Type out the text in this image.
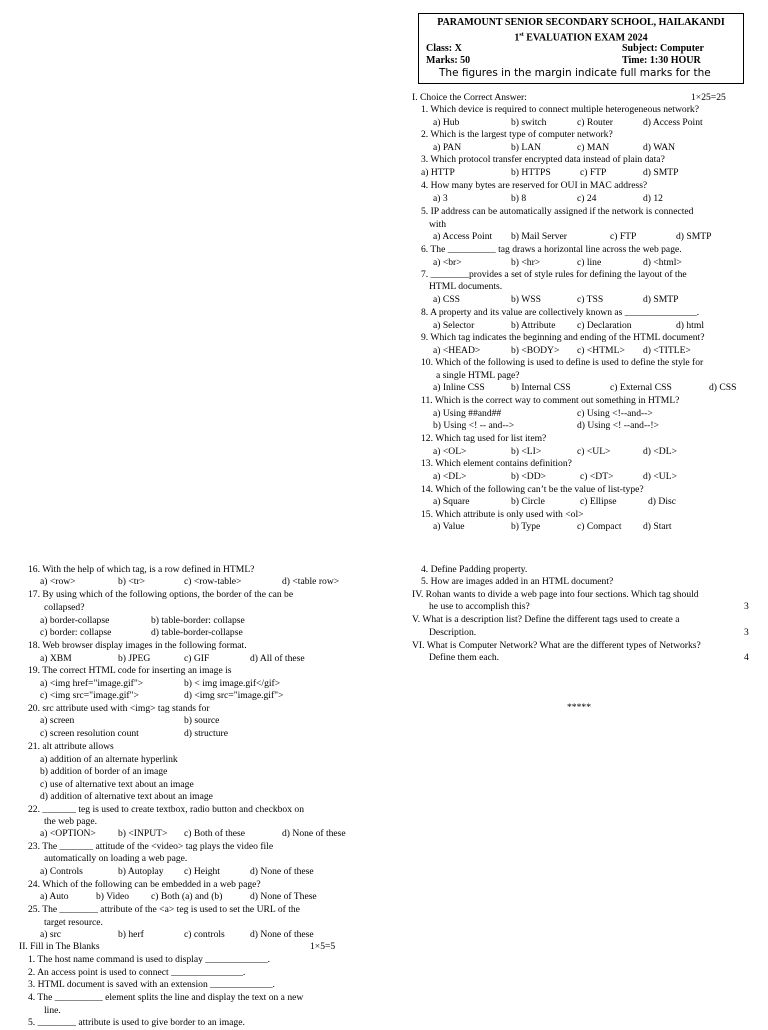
PARAMOUNT SENIOR SECONDARY SCHOOL, HAILAKANDI
1st EVALUATION EXAM 2024
Class: X	Subject: Computer
Marks: 50	Time: 1:30 HOUR
The figures in the margin indicate full marks for the
I. Choice the Correct Answer:	1×25=25
1. Which device is required to connect multiple heterogeneous network?
a) Hub	b) switch	c) Router	d) Access Point
2. Which is the largest type of computer network?
a) PAN	b) LAN	c) MAN	d) WAN
3. Which protocol transfer encrypted data instead of plain data?
a) HTTP	b) HTTPS	c) FTP	d) SMTP
4. How many bytes are reserved for OUI in MAC address?
a) 3	b) 8	c) 24	d) 12
5. IP address can be automatically assigned if the network is connected
with
a) Access Point b) Mail Server	c) FTP	d) SMTP
6. The __________ tag draws a horizontal line across the web page.
a) <br>	b) <hr>	c) line	d) <html>
7. ________provides a set of style rules for defining the layout of the
HTML documents.
a) CSS	b) WSS	c) TSS	d) SMTP
8. A property and its value are collectively known as _______________.
a) Selector	b) Attribute c) Declaration	d) html
9. Which tag indicates the beginning and ending of the HTML document?
a) <HEAD>	b) <BODY> c) <HTML> d) <TITLE>
10. Which of the following is used to define is used to define the style for
a single HTML page?
a) Inline CSS	b) Internal CSS	c) External CSS	d) CSS
11. Which is the correct way to comment out something in HTML?
a) Using ##and##	c) Using <!--and-->
b) Using <! -- and-->	d) Using <! --and--!>
12. Which tag used for list item?
a) <OL>	b) <LI>	c) <UL>	d) <DL>
13. Which element contains definition?
a) <DL>	b) <DD>	c) <DT>	d) <UL>
14. Which of the following can’t be the value of list-type?
a) Square	b) Circle	c) Ellipse	d) Disc
15. Which attribute is only used with <ol>
a) Value	b) Type	c) Compact d) Start
16. With the help of which tag, is a row defined in HTML?
a) <row>	b) <tr>	c) <row-table>	d) <table row>
17. By using which of the following options, the border of the can be
collapsed?
a) border-collapse	b) table-border: collapse
c) border: collapse	d) table-border-collapse
18. Web browser display images in the following format.
a) XBM	b) JPEG	c) GIF	d) All of these
19. The correct HTML code for inserting an image is
a) <img href="image.gif">	b) < img image.gif</gif>
c) <img src="image.gif">	d) <img src="image.gif">
20. src attribute used with <img> tag stands for
a) screen	b) source
c) screen resolution count	d) structure
21. alt attribute allows
a) addition of an alternate hyperlink
b) addition of border of an image
c) use of alternative text about an image
d) addition of alternative text about an image
22. _______ teg is used to create textbox, radio button and checkbox on
the web page.
a) <OPTION> b) <INPUT> c) Both of these	d) None of these
23. The _______ attitude of the <video> tag plays the video file
automatically on loading a web page.
a) Controls	b) Autoplay c) Height	d) None of these
24. Which of the following can be embedded in a web page?
a) Auto	b) Video c) Both (a) and (b)	d) None of These
25. The ________ attribute of the <a> teg is used to set the URL of the
target resource.
a) src	b) herf	c) controls	d) None of these
II. Fill in The Blanks	1×5=5
1. The host name command is used to display _____________.
2. An access point is used to connect _______________.
3. HTML document is saved with an extension _____________.
4. The __________ element splits the line and display the text on a new
line.
5. ________ attribute is used to give border to an image.
4. Define Padding property.
5. How are images added in an HTML document?
IV. Rohan wants to divide a web page into four sections. Which tag should
he use to accomplish this?	3
V. What is a description list? Define the different tags used to create a
Description.	3
VI. What is Computer Network? What are the different types of Networks?
Define them each.	4
*****
